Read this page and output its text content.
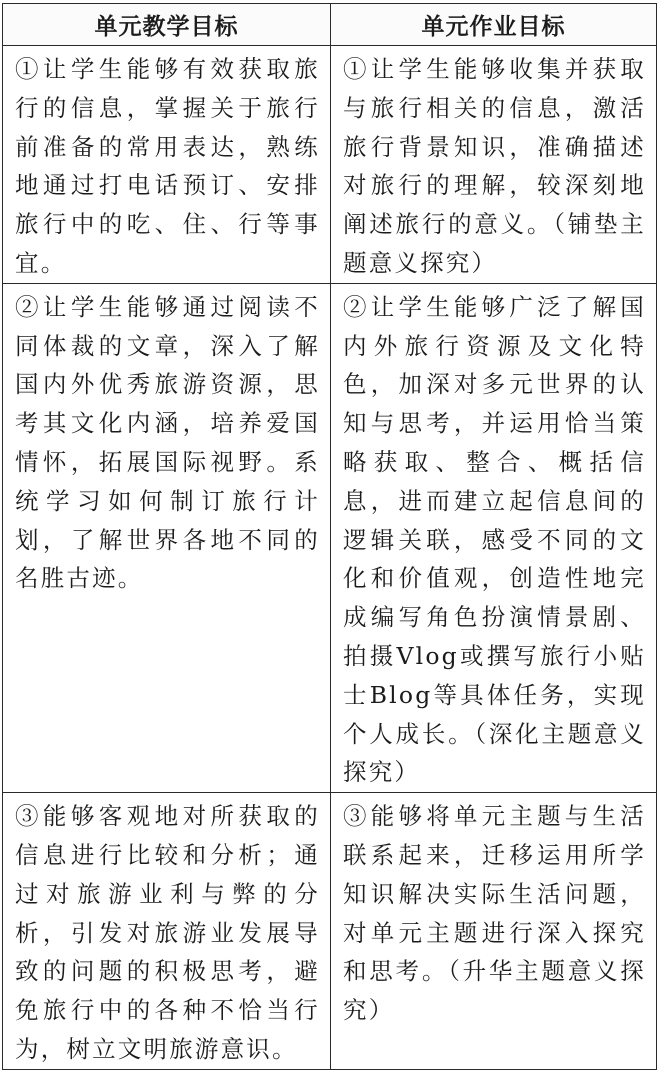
单元教学目标	单元作业目标

①让学生能够有效获取旅行的信息，掌握关于旅行前准备的常用表达，熟练地通过打电话预订、安排旅行中的吃、住、行等事宜。	①让学生能够收集并获取与旅行相关的信息，激活旅行背景知识，准确描述对旅行的理解，较深刻地阐述旅行的意义。（铺垫主题意义探究）

②让学生能够通过阅读不同体裁的文章，深入了解国内外优秀旅游资源，思考其文化内涵，培养爱国情怀，拓展国际视野。系统学习如何制订旅行计划，了解世界各地不同的名胜古迹。	②让学生能够广泛了解国内外旅行资源及文化特色，加深对多元世界的认知与思考，并运用恰当策略获取、整合、概括信息，进而建立起信息间的逻辑关联，感受不同的文化和价值观，创造性地完成编写角色扮演情景剧、拍摄Vlog或撰写旅行小贴士Blog等具体任务，实现个人成长。（深化主题意义探究）

③能够客观地对所获取的信息进行比较和分析；通过对旅游业利与弊的分析，引发对旅游业发展导致的问题的积极思考，避免旅行中的各种不恰当行为，树立文明旅游意识。	③能够将单元主题与生活联系起来，迁移运用所学知识解决实际生活问题，对单元主题进行深入探究和思考。（升华主题意义探究）
